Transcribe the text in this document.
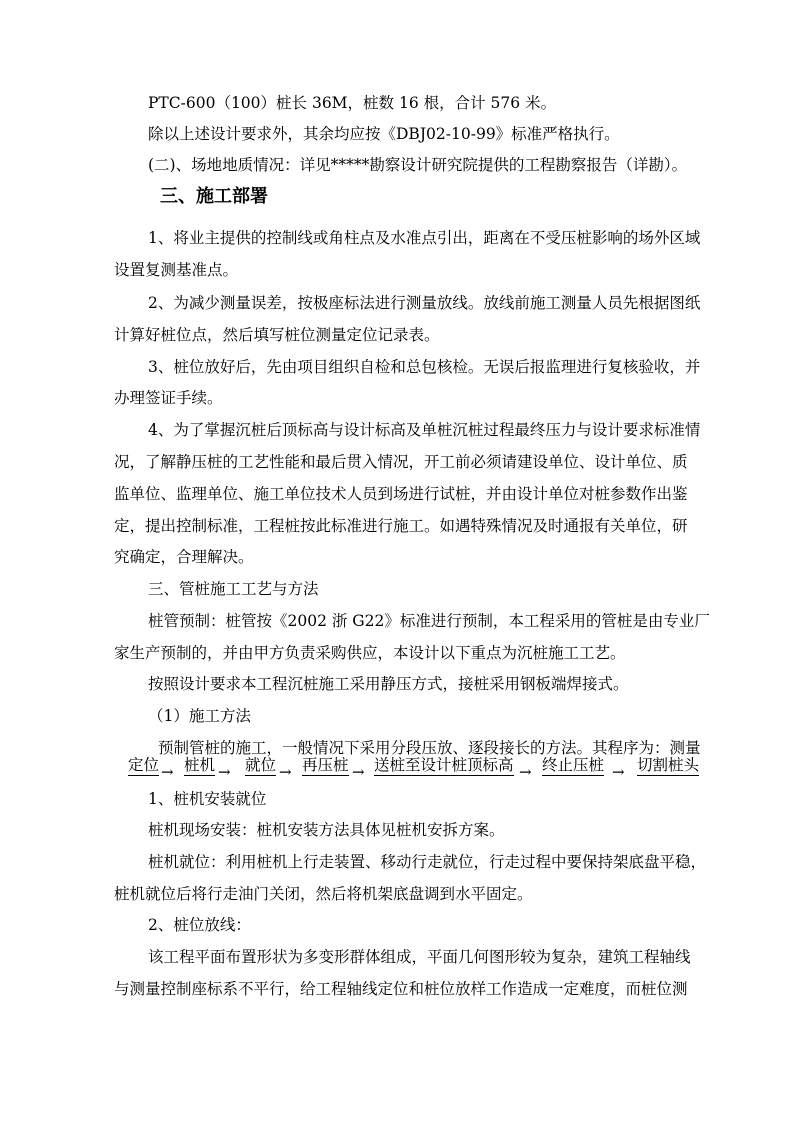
PTC-600（100）桩长 36M，桩数 16 根，合计 576 米。
除以上述设计要求外，其余均应按《DBJ02-10-99》标准严格执行。
(二)、场地地质情况：详见*****勘察设计研究院提供的工程勘察报告（详勘）。
三、施工部署
1、将业主提供的控制线或角柱点及水准点引出，距离在不受压桩影响的场外区域
设置复测基准点。
2、为减少测量误差，按极座标法进行测量放线。放线前施工测量人员先根据图纸
计算好桩位点，然后填写桩位测量定位记录表。
3、桩位放好后，先由项目组织自检和总包核检。无误后报监理进行复核验收，并
办理签证手续。
4、为了掌握沉桩后顶标高与设计标高及单桩沉桩过程最终压力与设计要求标准情
况，了解静压桩的工艺性能和最后贯入情况，开工前必须请建设单位、设计单位、质
监单位、监理单位、施工单位技术人员到场进行试桩，并由设计单位对桩参数作出鉴
定，提出控制标准，工程桩按此标准进行施工。如遇特殊情况及时通报有关单位，研
究确定，合理解决。
三、管桩施工工艺与方法
桩管预制：桩管按《2002 浙 G22》标准进行预制，本工程采用的管桩是由专业厂
家生产预制的，并由甲方负责采购供应，本设计以下重点为沉桩施工工艺。
按照设计要求本工程沉桩施工采用静压方式，接桩采用钢板端焊接式。
（1）施工方法
预制管桩的施工，一般情况下采用分段压放、逐段接长的方法。其程序为：测量
定位 → 桩机 → 就位 → 再压桩 → 送桩至设计桩顶标高 → 终止压桩 → 切割桩头
1、桩机安装就位
桩机现场安装：桩机安装方法具体见桩机安拆方案。
桩机就位：利用桩机上行走装置、移动行走就位，行走过程中要保持架底盘平稳，
桩机就位后将行走油门关闭，然后将机架底盘调到水平固定。
2、桩位放线：
该工程平面布置形状为多变形群体组成，平面几何图形较为复杂，建筑工程轴线
与测量控制座标系不平行，给工程轴线定位和桩位放样工作造成一定难度，而桩位测
